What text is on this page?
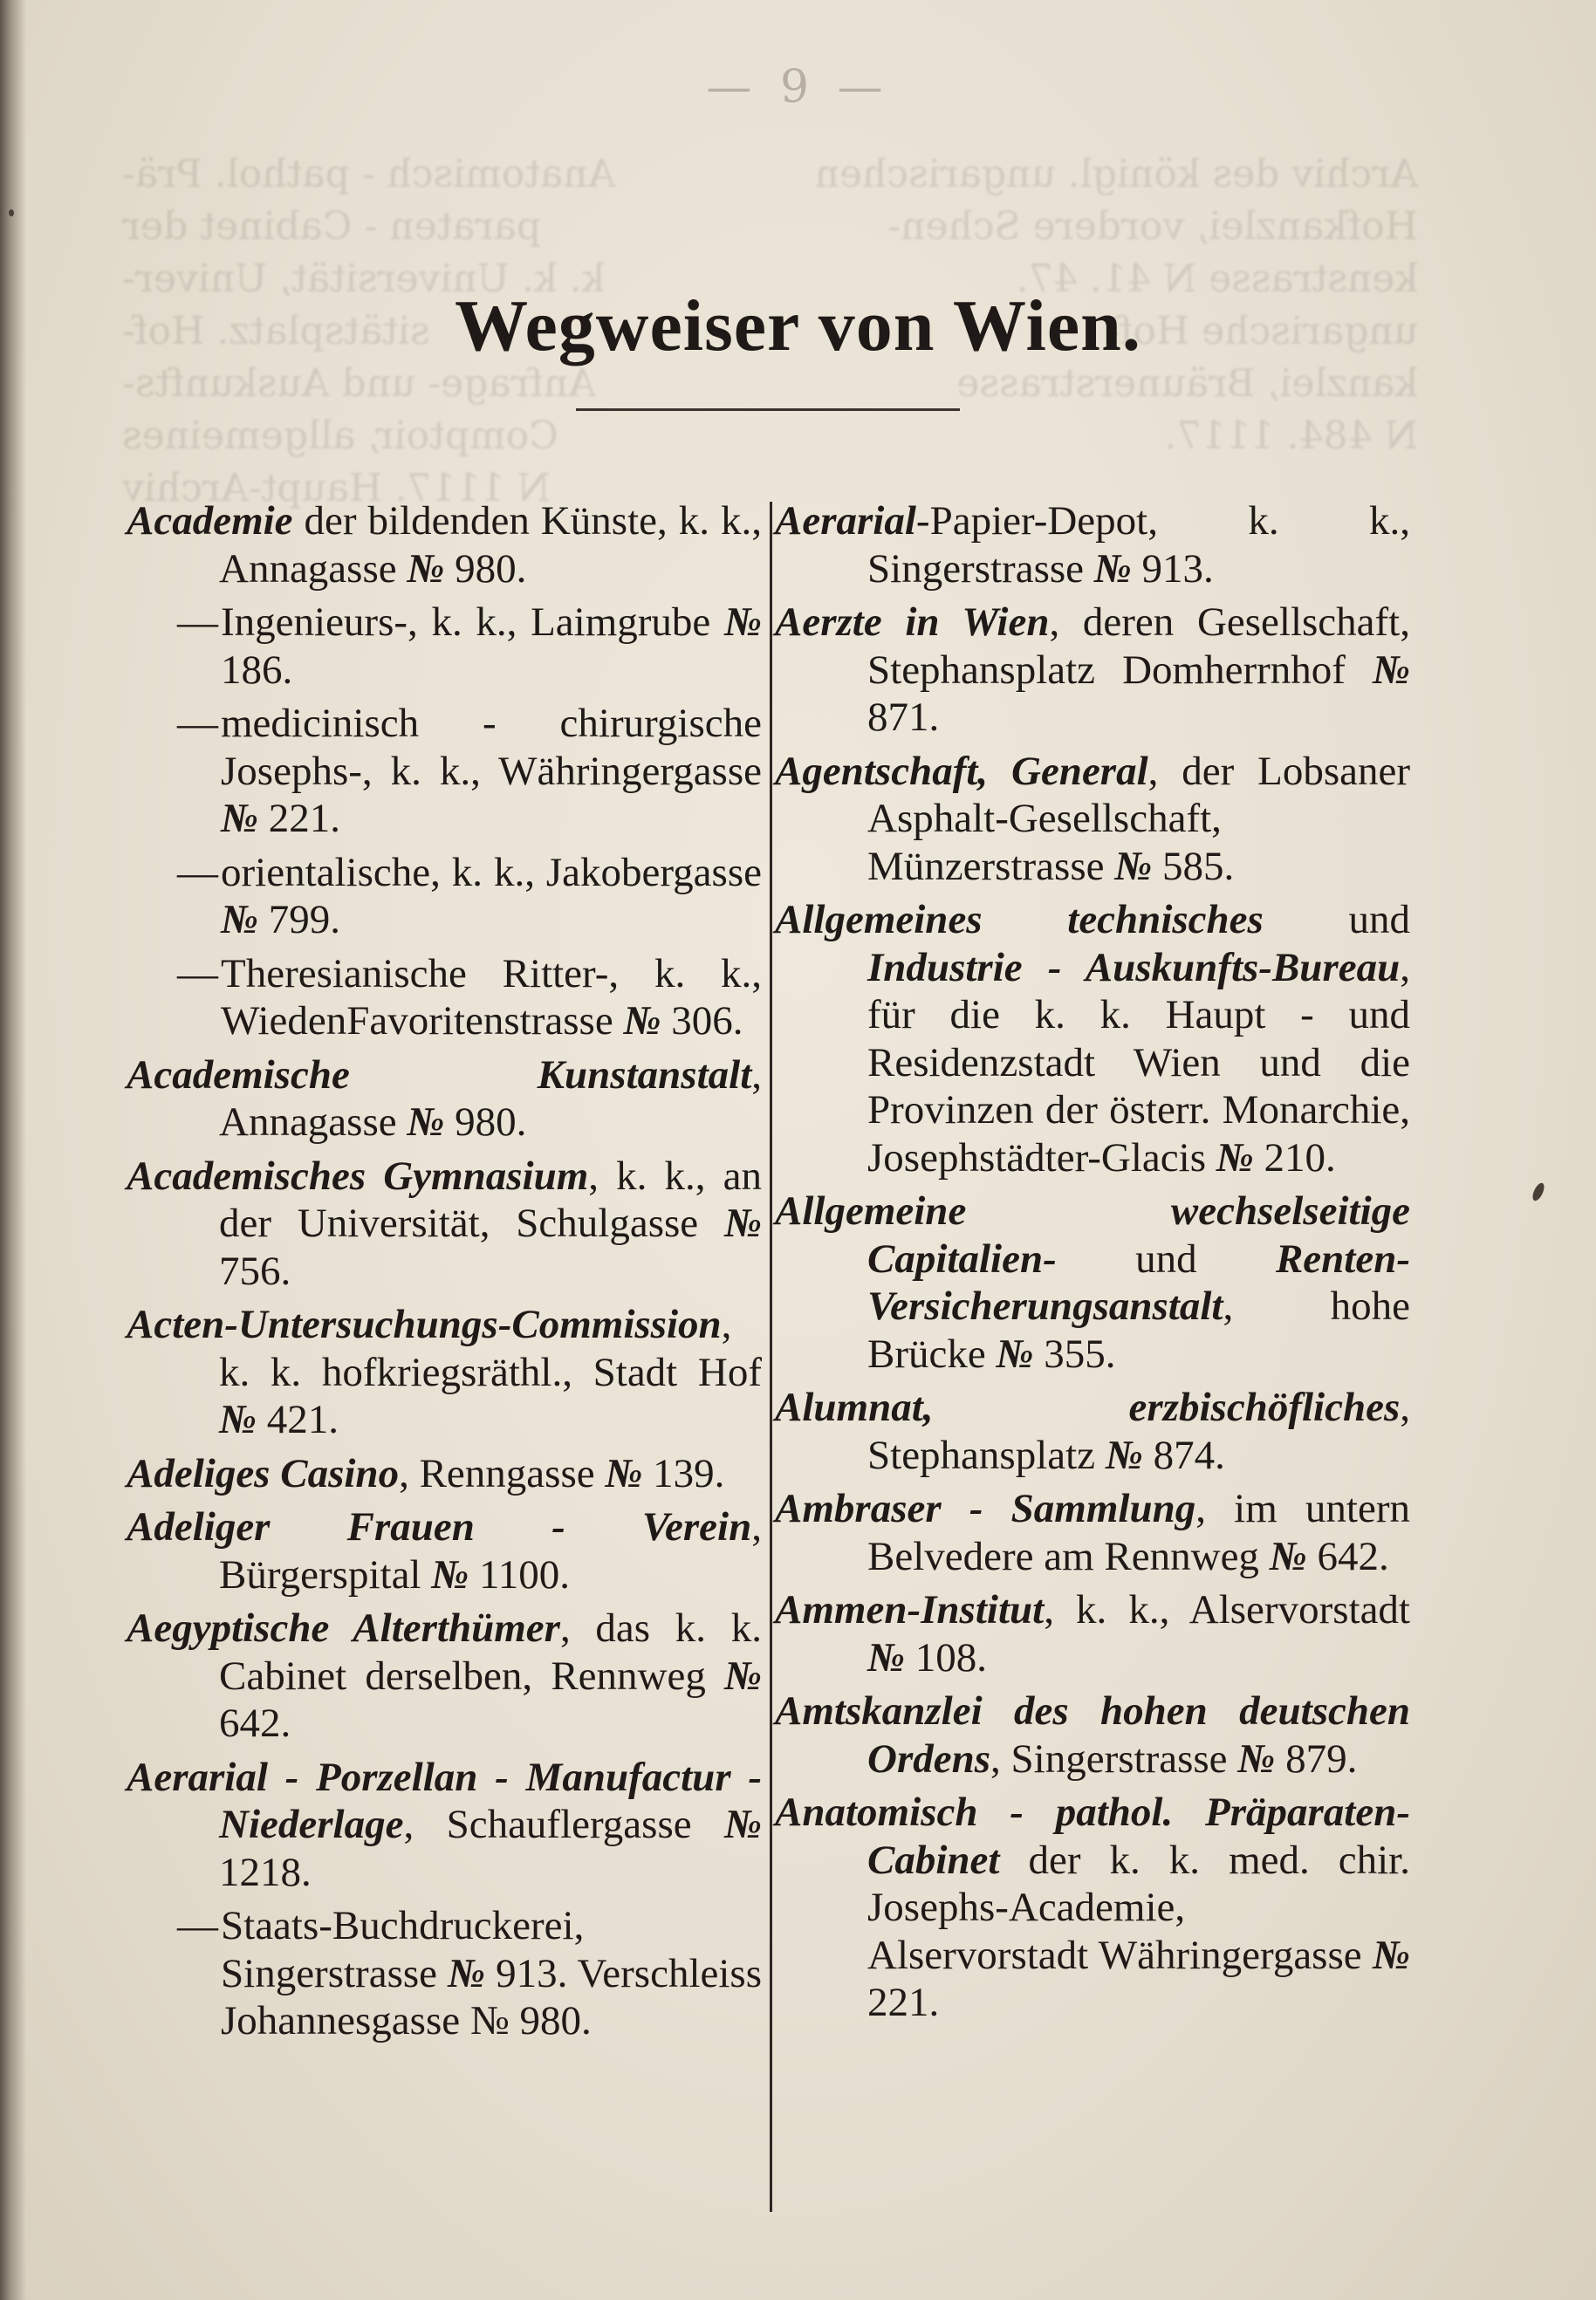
— 9 —
Anatomisch - pathol. Prä-
paraten - Cabinet der
k. k. Universität, Univer-
sitätsplatz. Hof-
Anfrage- und Auskunfts-
Comptoir, allgemeines
N 1117. Haupt-Archiv
Archiv des königl. ungarischen
Hofkanzlei, vordere Schen-
kenstrasse N 41. 47.
ungarische Hof-
kanzlei, Bräunerstrasse
N 484. 1117.
Wegweiser von Wien.
Academie der bildenden Künste, k. k., Annagasse № 980.
—Ingenieurs-, k. k., Laimgrube № 186.
—medicinisch - chirurgische Josephs-, k. k., Währingergasse № 221.
—orientalische, k. k., Jakobergasse № 799.
—Theresianische Ritter-, k. k., WiedenFavoritenstrasse № 306.
Academische Kunstanstalt, Annagasse № 980.
Academisches Gymnasium, k. k., an der Universität, Schulgasse № 756.
Acten-Untersuchungs-Commission, k. k. hofkriegsräthl., Stadt Hof № 421.
Adeliges Casino, Renngasse № 139.
Adeliger Frauen - Verein, Bürgerspital № 1100.
Aegyptische Alterthümer, das k. k. Cabinet derselben, Rennweg № 642.
Aerarial - Porzellan - Manufactur - Niederlage, Schauflergasse № 1218.
—Staats-Buchdruckerei, Singerstrasse № 913. Verschleiss Johannesgasse № 980.
Aerarial-Papier-Depot, k. k., Singerstrasse № 913.
Aerzte in Wien, deren Gesellschaft, Stephansplatz Domherrnhof № 871.
Agentschaft, General, der Lobsaner Asphalt-Gesellschaft, Münzerstrasse № 585.
Allgemeines technisches und Industrie - Auskunfts-Bureau, für die k. k. Haupt - und Residenzstadt Wien und die Provinzen der österr. Monarchie, Josephstädter-Glacis № 210.
Allgemeine wechselseitige Capitalien- und Renten-Versicherungsanstalt, hohe Brücke № 355.
Alumnat, erzbischöfliches, Stephansplatz № 874.
Ambraser - Sammlung, im untern Belvedere am Rennweg № 642.
Ammen-Institut, k. k., Alservorstadt № 108.
Amtskanzlei des hohen deutschen Ordens, Singerstrasse № 879.
Anatomisch - pathol. Präparaten-Cabinet der k. k. med. chir. Josephs-Academie, Alservorstadt Währingergasse № 221.
